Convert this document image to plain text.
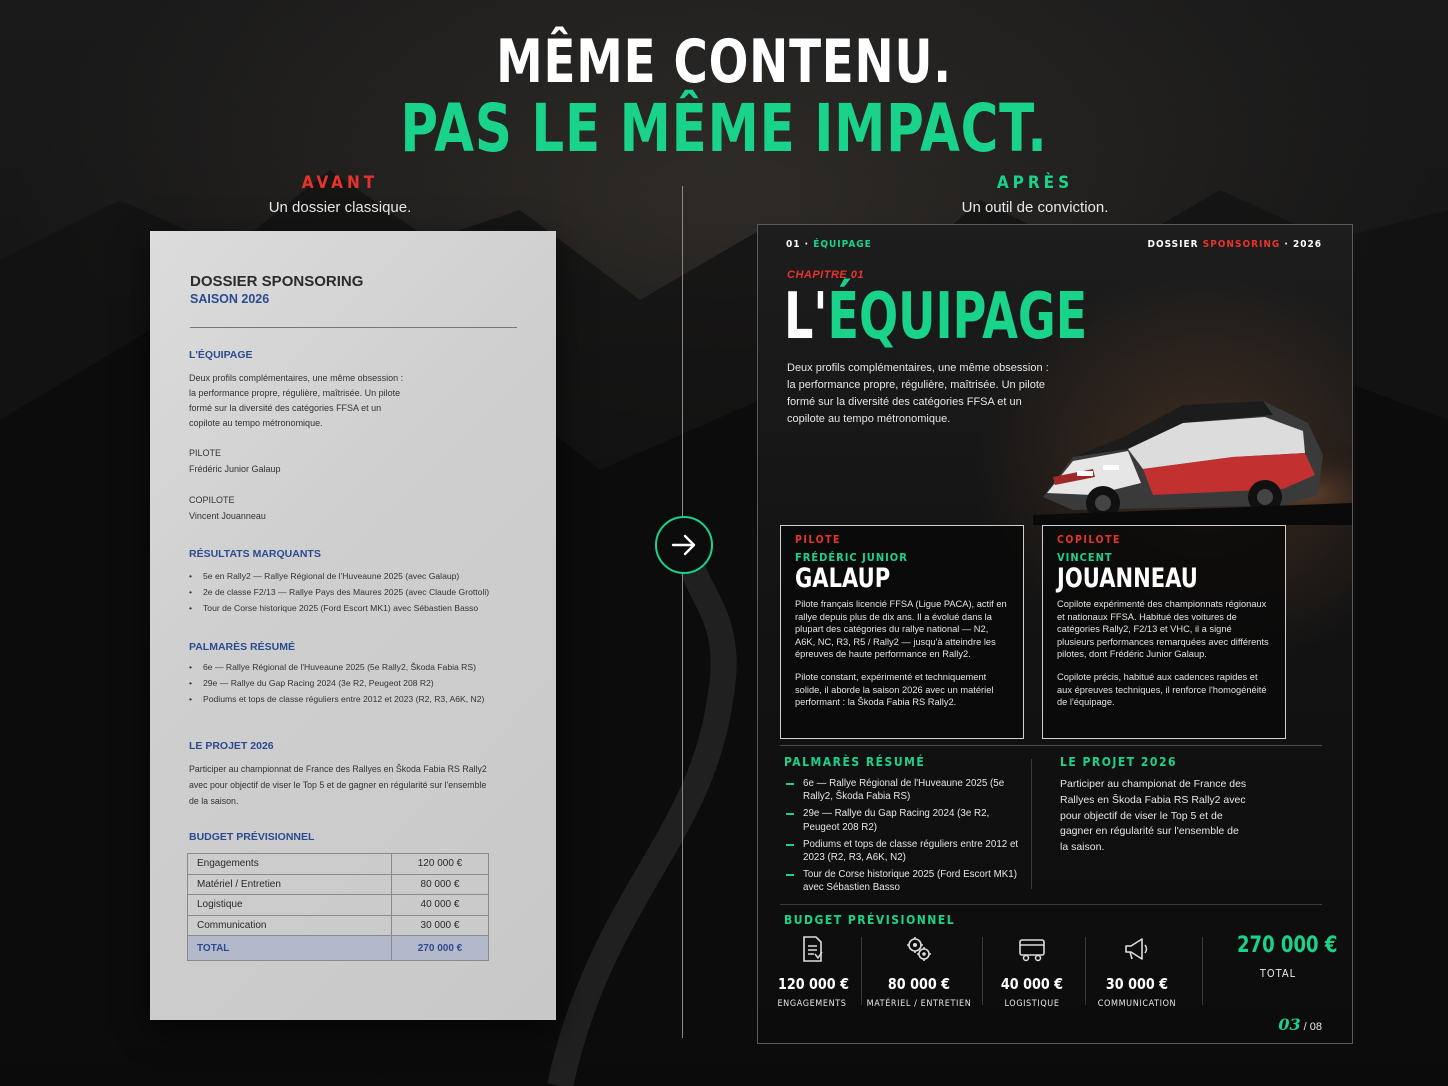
MÊME CONTENU.
PAS LE MÊME IMPACT.
AVANT
Un dossier classique.
APRÈS
Un outil de conviction.
DOSSIER SPONSORING
SAISON 2026
L'ÉQUIPAGE
Deux profils complémentaires, une même obsession :
la performance propre, régulière, maîtrisée. Un pilote
formé sur la diversité des catégories FFSA et un
copilote au tempo métronomique.
PILOTE
Frédéric Junior Galaup
COPILOTE
Vincent Jouanneau
RÉSULTATS MARQUANTS
• 5e en Rally2 — Rallye Régional de l'Huveaune 2025 (avec Galaup)
• 2e de classe F2/13 — Rallye Pays des Maures 2025 (avec Claude Grottoli)
• Tour de Corse historique 2025 (Ford Escort MK1) avec Sébastien Basso
PALMARÈS RÉSUMÉ
• 6e — Rallye Régional de l'Huveaune 2025 (5e Rally2, Škoda Fabia RS)
• 29e — Rallye du Gap Racing 2024 (3e R2, Peugeot 208 R2)
• Podiums et tops de classe réguliers entre 2012 et 2023 (R2, R3, A6K, N2)
LE PROJET 2026
Participer au championnat de France des Rallyes en Škoda Fabia RS Rally2
avec pour objectif de viser le Top 5 et de gagner en régularité sur l'ensemble
de la saison.
BUDGET PRÉVISIONNEL
Engagements	120 000 €
Matériel / Entretien	80 000 €
Logistique	40 000 €
Communication	30 000 €
TOTAL	270 000 €
01 · ÉQUIPAGE	DOSSIER SPONSORING · 2026
CHAPITRE 01
L'ÉQUIPAGE
Deux profils complémentaires, une même obsession :
la performance propre, régulière, maîtrisée. Un pilote
formé sur la diversité des catégories FFSA et un
copilote au tempo métronomique.
PILOTE
FRÉDÉRIC JUNIOR
GALAUP
Pilote français licencié FFSA (Ligue PACA), actif en rallye depuis plus de dix ans. Il a évolué dans la plupart des catégories du rallye national — N2, A6K, NC, R3, R5 / Rally2 — jusqu'à atteindre les épreuves de haute performance en Rally2.
Pilote constant, expérimenté et techniquement solide, il aborde la saison 2026 avec un matériel performant : la Škoda Fabia RS Rally2.
COPILOTE
VINCENT
JOUANNEAU
Copilote expérimenté des championnats régionaux et nationaux FFSA. Habitué des voitures de catégories Rally2, F2/13 et VHC, il a signé plusieurs performances remarquées avec différents pilotes, dont Frédéric Junior Galaup.
Copilote précis, habitué aux cadences rapides et aux épreuves techniques, il renforce l'homogénéité de l'équipage.
PALMARÈS RÉSUMÉ
6e — Rallye Régional de l'Huveaune 2025 (5e Rally2, Škoda Fabia RS)
29e — Rallye du Gap Racing 2024 (3e R2, Peugeot 208 R2)
Podiums et tops de classe réguliers entre 2012 et 2023 (R2, R3, A6K, N2)
Tour de Corse historique 2025 (Ford Escort MK1) avec Sébastien Basso
LE PROJET 2026
Participer au championat de France des
Rallyes en Škoda Fabia RS Rally2 avec
pour objectif de viser le Top 5 et de
gagner en régularité sur l'ensemble de
la saison.
BUDGET PRÉVISIONNEL
120 000 €
ENGAGEMENTS
80 000 €
MATÉRIEL / ENTRETIEN
40 000 €
LOGISTIQUE
30 000 €
COMMUNICATION
270 000 €
TOTAL
03 / 08
